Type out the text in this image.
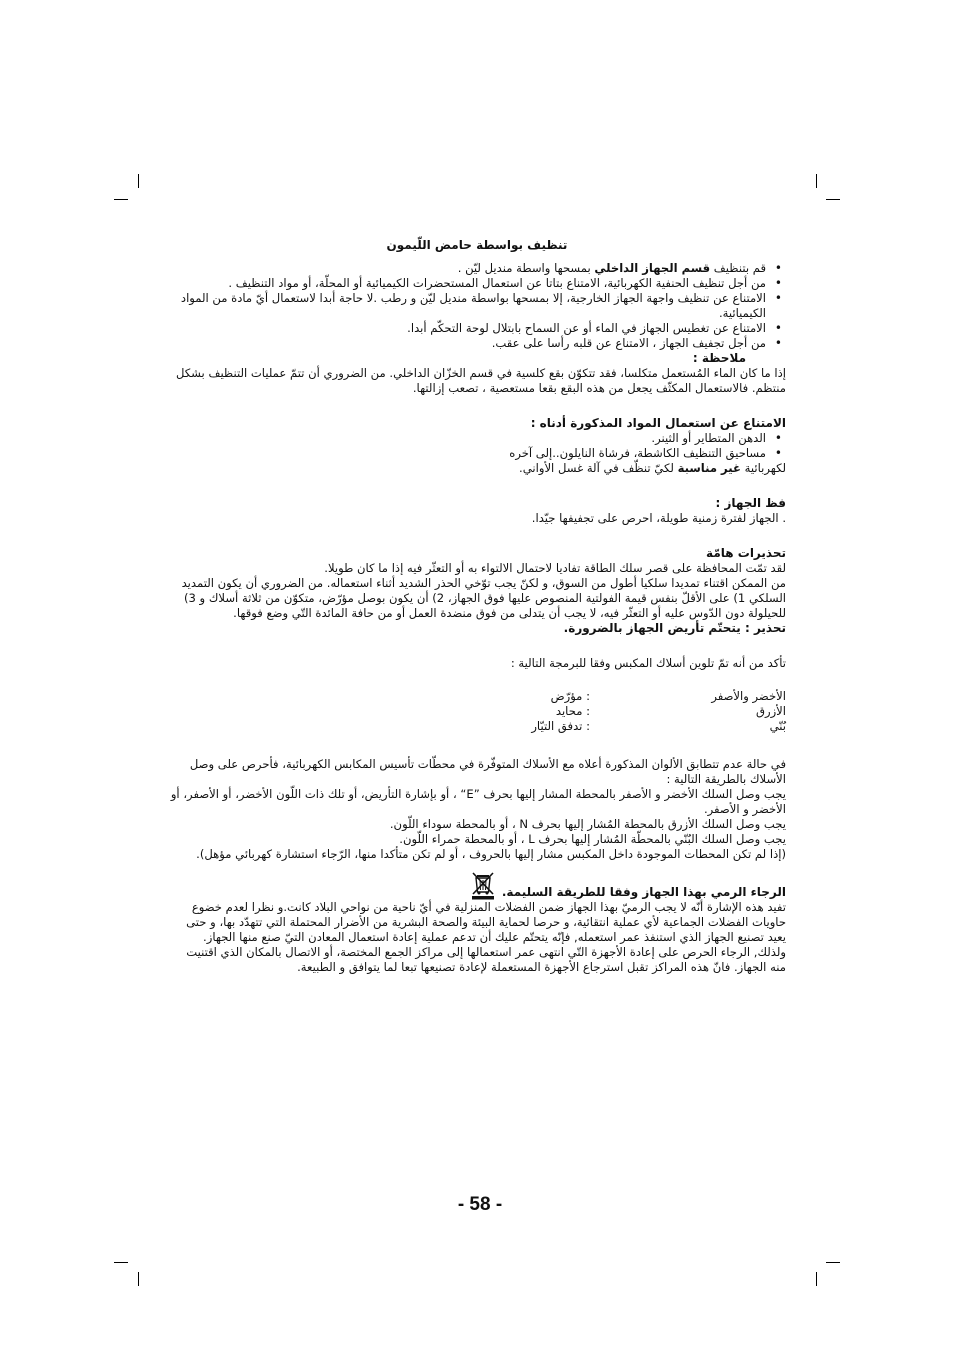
تنظيف بواسطة حامض اللّيمون

• قم بتنظيف قسم الجهاز الداخلي بمسحها واسطة منديل ليّن .
• من أجل تنظيف الحنفية الكهربائية، الامتناع بتاتا عن استعمال المستحضرات الكيميائية أو المحلّة، أو مواد التنظيف .
• الامتناع عن تنظيف واجهة الجهاز الخارجية، إلا بمسحها بواسطة منديل ليّن و رطب .لا حاجة أبدا لاستعمال أيّ مادة من المواد الكيميائية.
• الامتناع عن تغطيس الجهاز في الماء أو عن السماح بابتلال لوحة التحكّم أبدا.
• من أجل تجفيف الجهاز ، الامتناع عن قلبه رأسا على عقب.

ملاحظة :

إذا ما كان الماء المُستعمل متكلسا، فقد تتكوّن بقع كلسية في قسم الخزّان الداخلي. من الضروري أن تتمّ عمليات التنظيف بشكل منتظم. فالاستعمال المكثّف يجعل من هذه البقع بقعا مستعصية ، تصعب إزالتها.

الامتناع عن استعمال المواد المذكورة أدناه :

• الدهن المتطاير أو الثينر.
• مساحيق التنظيف الكاشطة، فرشاة النايلون..إلى آخره

لكهربائية غير مناسبة لكيّ تنظّف في آلة غسل الأواني.

فظ الجهاز :

. الجهاز لفترة زمنية طويلة، احرص على تجفيفها جيّدا.

تحذيرات هامّة

لقد تمّت المحافظة على قصر سلك الطاقة تفاديا لاحتمال الالتواء به أو التعثّر فيه إذا ما كان طويلا.

من الممكن اقتناء تمديدا سلكيا أطول من السوق، و لكنّ يجب توّخي الحذر الشديد أثناء استعماله. من الضروري أن يكون التمديد السلكي 1) على الأقلّ بنفس قيمة الفولتية المنصوص عليها فوق الجهاز، 2) أن يكون بوصل مؤرّض، متكوّن من ثلاثة أسلاك و 3) للحيلولة دون الدّوس عليه أو التعثّر فيه، لا يجب أن يتدلى من فوق منضدة العمل أو من حافة المائدة التّي وضع فوقها.

تحذير : يتحتّم تأريض الجهاز بالضرورة.

تأكد من أنه تمّ تلوين أسلاك المكبس وفقا للبرمجة التالية :

الأخضر والأصفر
: مؤرّض
الأزرق
: محايد
بُنّي
: تدفق التيّار

في حالة عدم تتطابق الألوان المذكورة أعلاه مع الأسلاك المتوفّرة في محطّات تأسيس المكابس الكهربائية، فأحرص على وصل الأسلاك بالطريقة التالية :

يجب وصل السلك الأخضر و الأصفر بالمحطة المشار إليها بحرف ”E“ ، أو بإشارة التأريض، أو تلك ذات اللّون الأخضر، أو الأصفر، أو الأخضر و الأصفر.

يجب وصل السلك الأزرق بالمحطة المُشار إليها بحرف N ، أو بالمحطة سوداء اللّون.

يجب وصل السلك البُنّي بالمحطّة المُشار إليها بحرف L ، أو بالمحطة حمراء اللّون.

(إذا لم تكن المحطات الموجودة داخل المكبس مشار إليها بالحروف ، أو لم تكن متأكدا منها، الرّجاء استشارة كهربائي مؤهل).

الرجاء الرمي بهذا الجهاز وفقا للطريقة السليمة.

تفيد هذه الإشارة أنّه لا يجب الرميّ بهذا الجهاز ضمن الفضلات المنزلية في أيّ ناحية من نواحي البلاد كانت.و نظرا لعدم خضوع حاويات الفضلات الجماعية لأي عملية انتقائية، و حرصا لحماية البيئة والصحة البشرية من الأضرار المحتملة التي تتهدّد بها، و حتى يعيد تصنيع الجهاز الذي استنفذ عمر استعمله, فإنّه يتحتّم عليك أن تدعم عملية إعادة استعمال المعادن التيّ صنع منها الجهاز. ولذلك, الرجاء الحرص على إعادة الأجهزة التّي انتهى عمر استعمالها إلى مراكز الجمع المختصة، أو الاتصال بالمكان الذي اقتنيت منه الجهاز. فانّ هذه المراكز تقبل استرجاع الأجهزة المستعملة لإعادة تصنيعها تبعا لما يتوافق و الطبيعة.

- 58 -
